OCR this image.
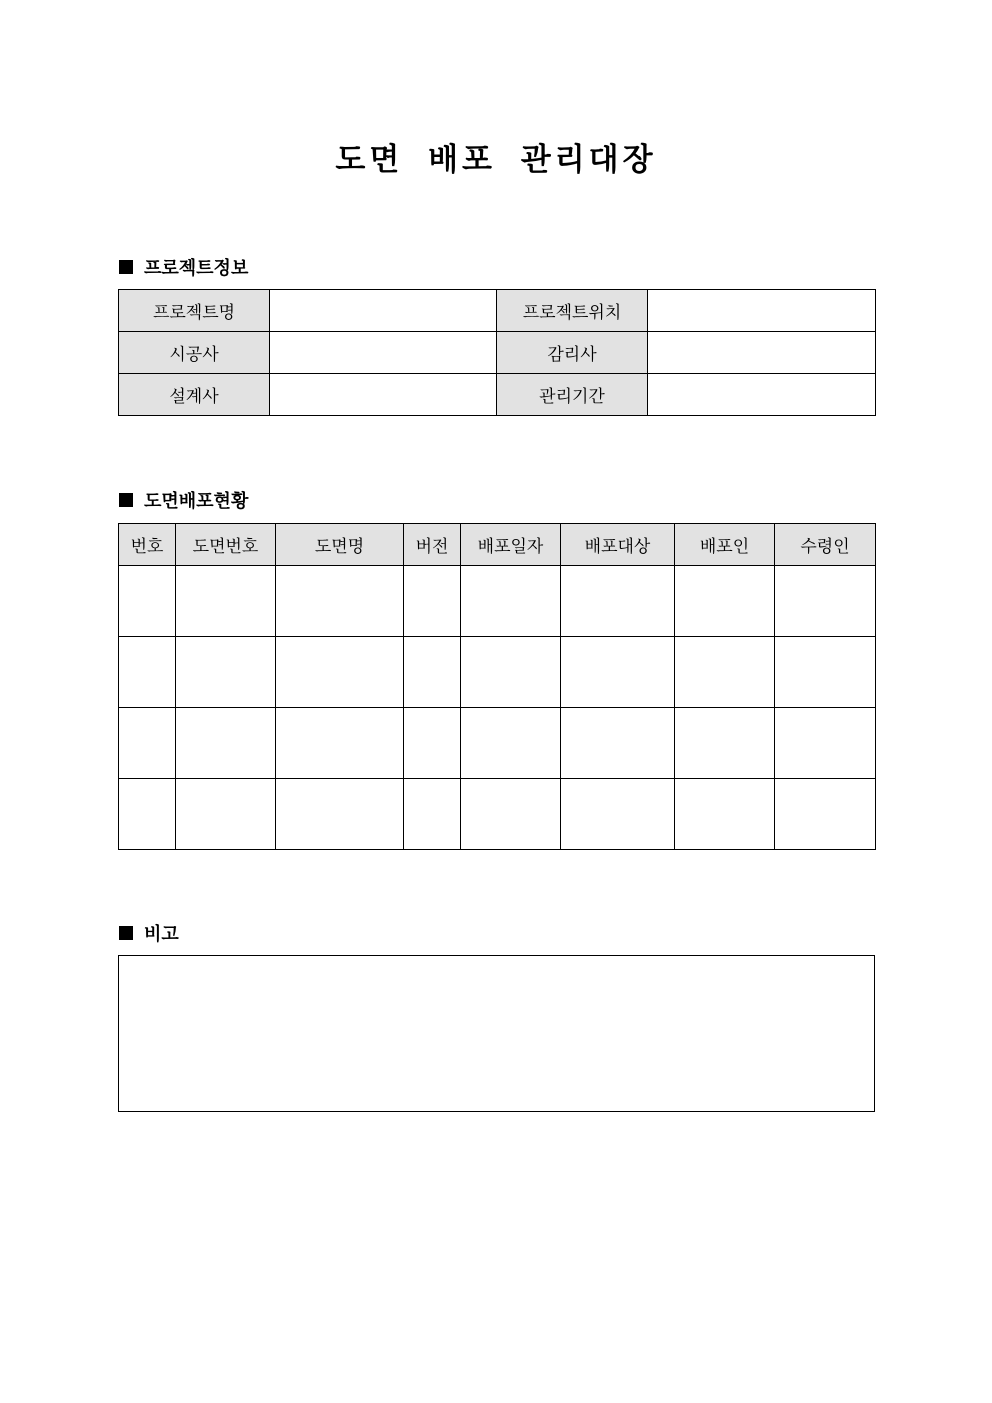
도면 배포 관리대장
프로젝트정보
프로젝트명		프로젝트위치	
시공사		감리사	
설계사		관리기간	
도면배포현황
번호	도면번호	도면명	버전	배포일자	배포대상	배포인	수령인

비고
